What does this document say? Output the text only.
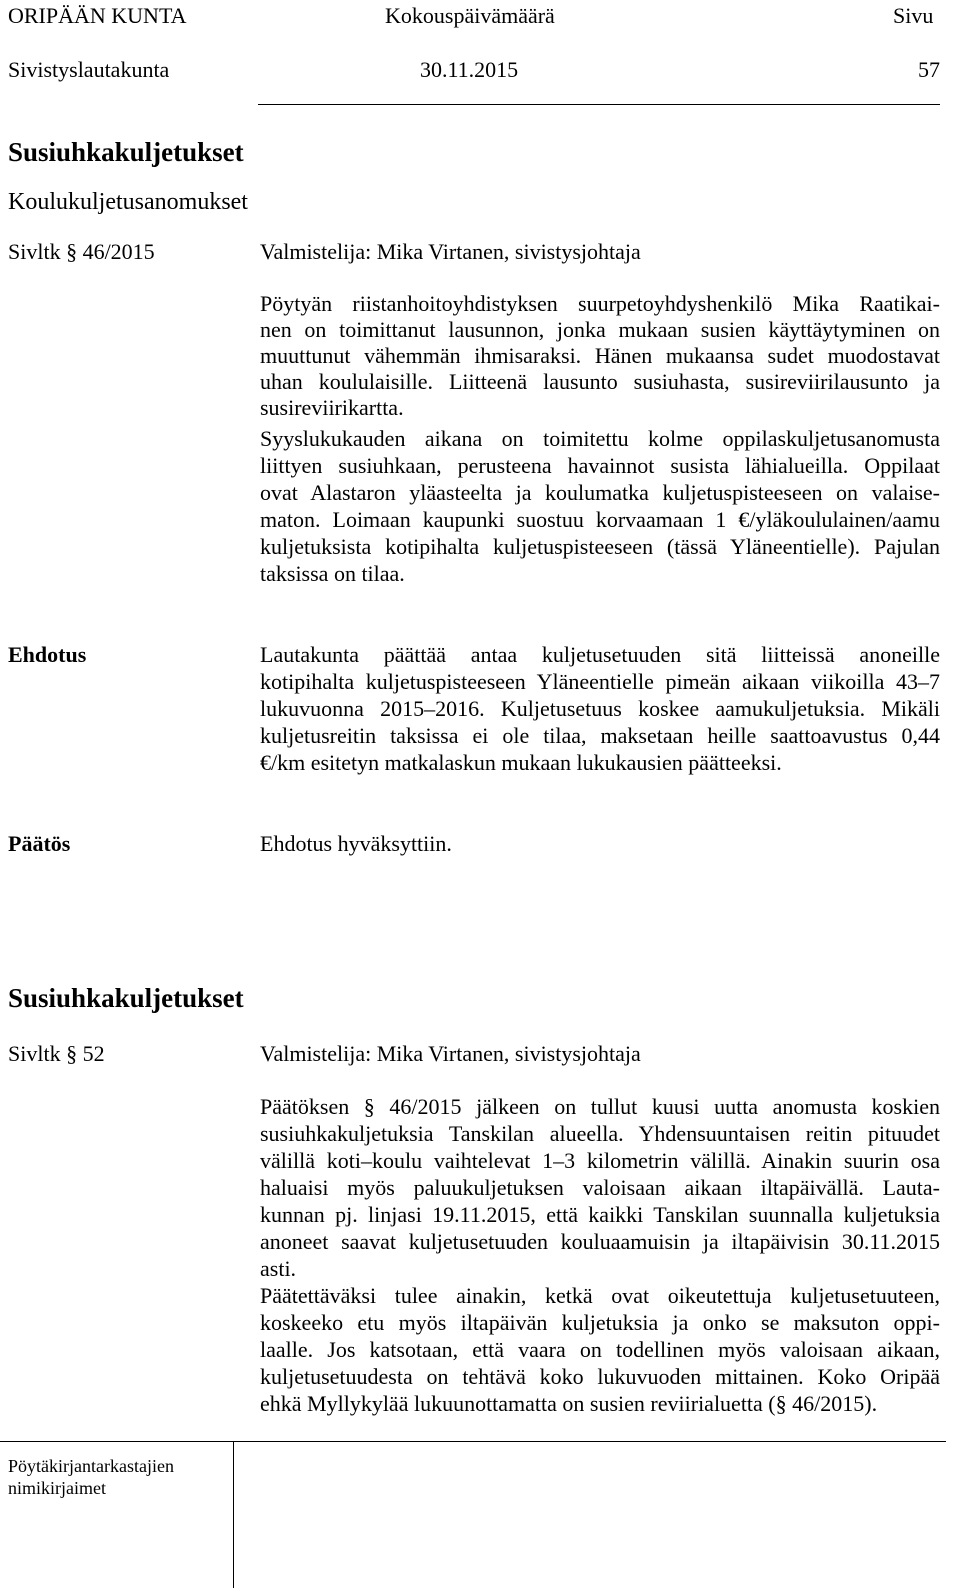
ORIPÄÄN KUNTA	Kokouspäivämäärä	Sivu
Sivistyslautakunta	30.11.2015	57
Susiuhkakuljetukset
Koulukuljetusanomukset
Sivltk § 46/2015	Valmistelija: Mika Virtanen, sivistysjohtaja
Pöytyän riistanhoitoyhdistyksen suurpetoyhdyshenkilö Mika Raatikai-
nen on toimittanut lausunnon, jonka mukaan susien käyttäytyminen on
muuttunut vähemmän ihmisaraksi. Hänen mukaansa sudet muodostavat
uhan koululaisille. Liitteenä lausunto susiuhasta, susireviirilausunto ja
susireviirikartta.
Syyslukukauden aikana on toimitettu kolme oppilaskuljetusanomusta
liittyen susiuhkaan, perusteena havainnot susista lähialueilla. Oppilaat
ovat Alastaron yläasteelta ja koulumatka kuljetuspisteeseen on valaise-
maton. Loimaan kaupunki suostuu korvaamaan 1 €/yläkoululainen/aamu
kuljetuksista kotipihalta kuljetuspisteeseen (tässä Yläneentielle). Pajulan
taksissa on tilaa.
Ehdotus	Lautakunta päättää antaa kuljetusetuuden sitä liitteissä anoneille
kotipihalta kuljetuspisteeseen Yläneentielle pimeän aikaan viikoilla 43–7
lukuvuonna 2015–2016. Kuljetusetuus koskee aamukuljetuksia. Mikäli
kuljetusreitin taksissa ei ole tilaa, maksetaan heille saattoavustus 0,44
€/km esitetyn matkalaskun mukaan lukukausien päätteeksi.
Päätös	Ehdotus hyväksyttiin.
Susiuhkakuljetukset
Sivltk § 52	Valmistelija: Mika Virtanen, sivistysjohtaja
Päätöksen § 46/2015 jälkeen on tullut kuusi uutta anomusta koskien
susiuhkakuljetuksia Tanskilan alueella. Yhdensuuntaisen reitin pituudet
välillä koti–koulu vaihtelevat 1–3 kilometrin välillä. Ainakin suurin osa
haluaisi myös paluukuljetuksen valoisaan aikaan iltapäivällä. Lauta-
kunnan pj. linjasi 19.11.2015, että kaikki Tanskilan suunnalla kuljetuksia
anoneet saavat kuljetusetuuden kouluaamuisin ja iltapäivisin 30.11.2015
asti.
Päätettäväksi tulee ainakin, ketkä ovat oikeutettuja kuljetusetuuteen,
koskeeko etu myös iltapäivän kuljetuksia ja onko se maksuton oppi-
laalle. Jos katsotaan, että vaara on todellinen myös valoisaan aikaan,
kuljetusetuudesta on tehtävä koko lukuvuoden mittainen. Koko Oripää
ehkä Myllykylää lukuunottamatta on susien reviirialuetta (§ 46/2015).
Pöytäkirjantarkastajien
nimikirjaimet
